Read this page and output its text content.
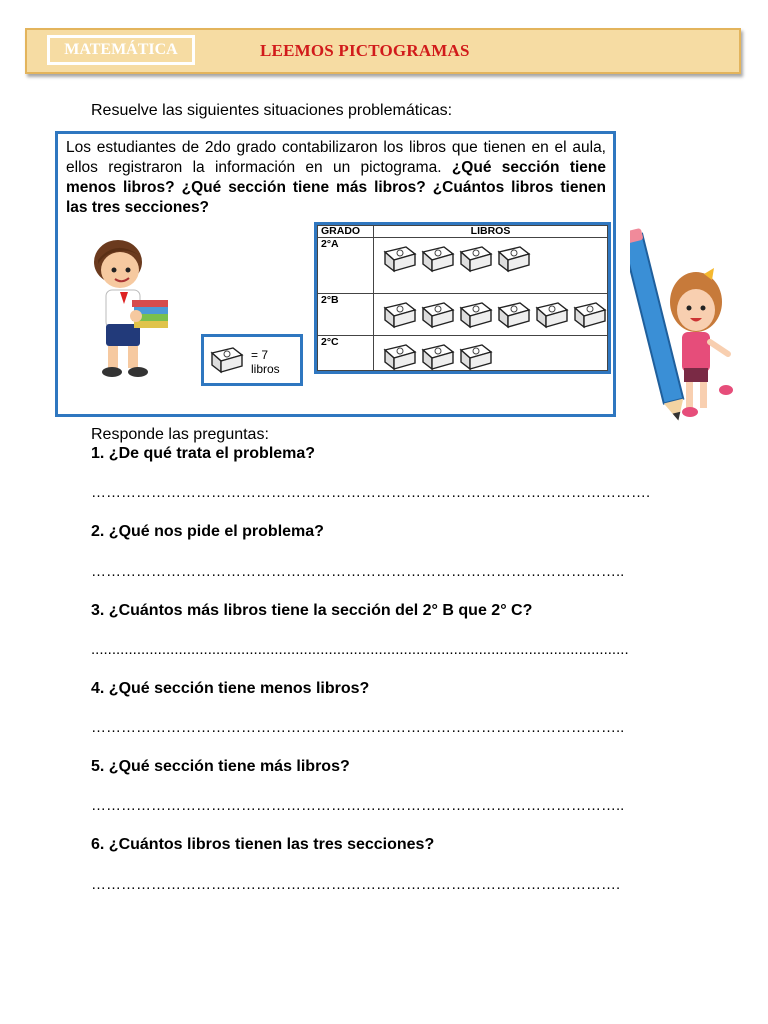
MATEMÁTICA	LEEMOS PICTOGRAMAS
Resuelve las siguientes situaciones problemáticas:
Los estudiantes de 2do grado contabilizaron los libros que tienen en el aula, ellos registraron la información en un pictograma. ¿Qué sección tiene menos libros? ¿Qué sección tiene más libros? ¿Cuántos libros tienen las tres secciones?
= 7 libros
GRADO	LIBROS
2°A	

2°B	

2°C	
Responde las preguntas:
1. ¿De qué trata el problema?
………………………………………………………………………………………………….
2. ¿Qué nos pide el problema?
……………………………………………………………………………………………..
3. ¿Cuántos más libros tiene la sección del 2° B que 2° C?
.................................................................................................................................
4. ¿Qué sección tiene menos libros?
……………………………………………………………………………………………..
5. ¿Qué sección tiene más libros?
……………………………………………………………………………………………..
6. ¿Cuántos libros tienen las tres secciones?
…………………………………………………………………………………………….
